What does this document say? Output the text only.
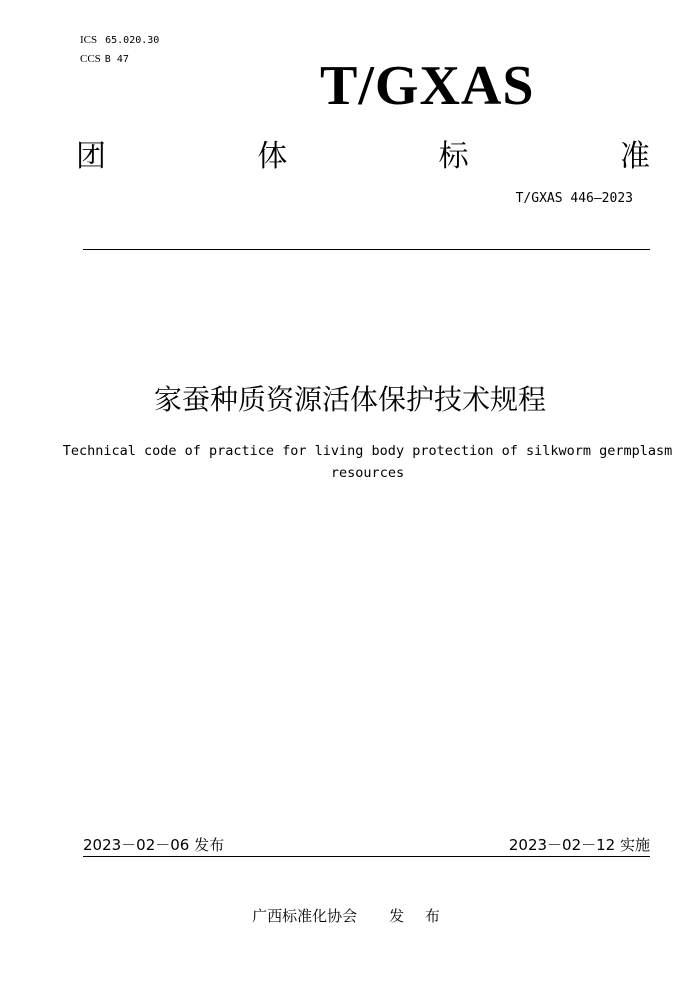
ICS 65.020.30
CCS B 47	T/GXAS
团	体	标	准
T/GXAS 446—2023
家蚕种质资源活体保护技术规程
Technical code of practice for living body protection of silkworm germplasm resources
2023－02－06 发布	2023－02－12 实施
广西标准化协会 发 布
